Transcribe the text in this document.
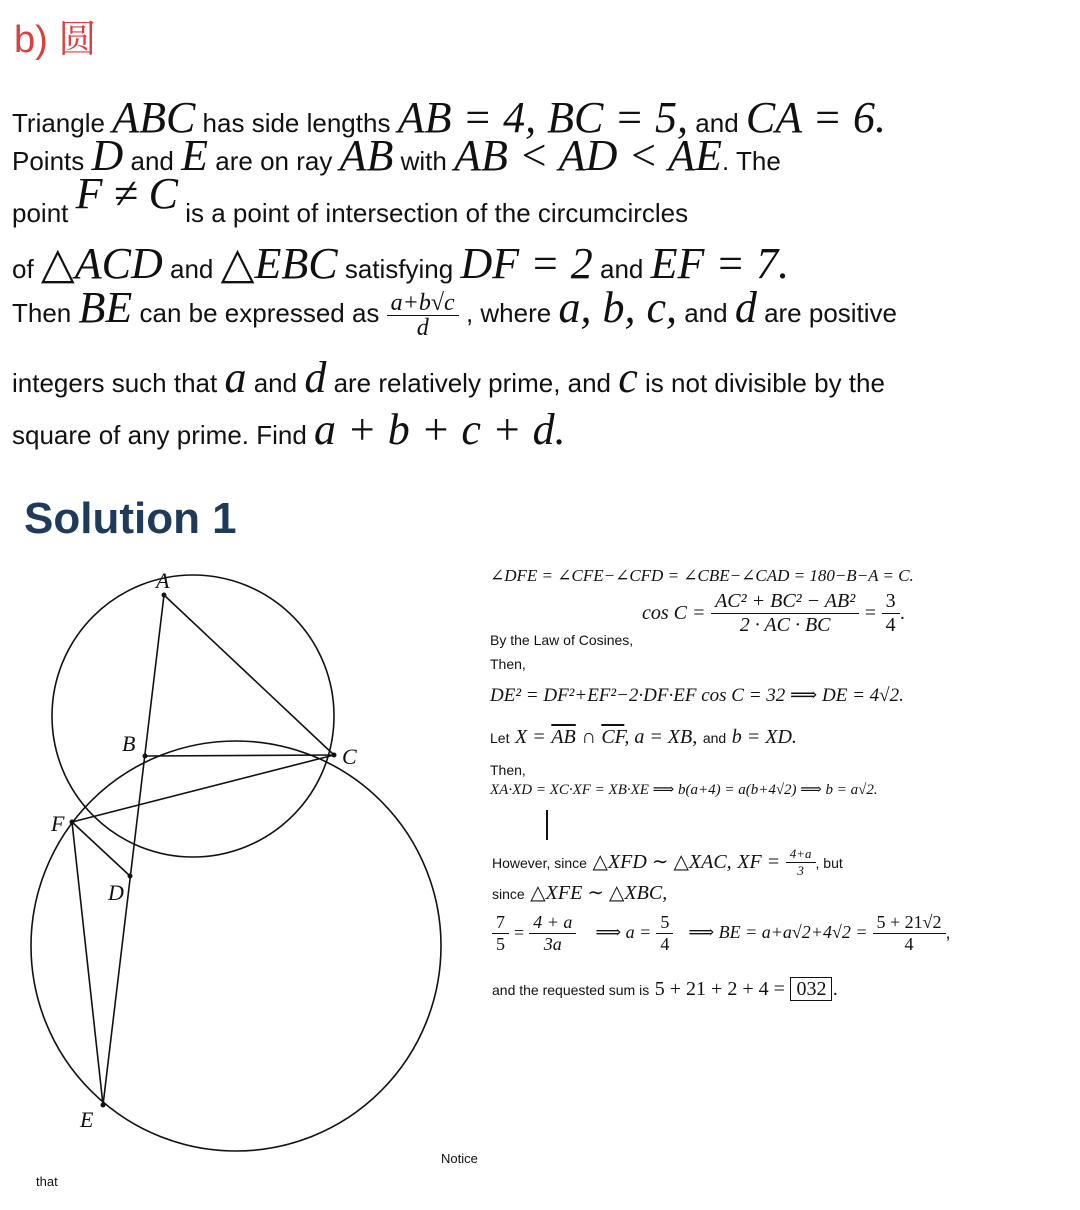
b) 圆
Triangle ABC has side lengths AB = 4, BC = 5, and CA = 6.
Points D and E are on ray AB with AB < AD < AE. The
point F ≠ C is a point of intersection of the circumcircles
of △ACD and △EBC satisfying DF = 2 and EF = 7.
Then BE can be expressed as $\frac{a+b√c}{d}$ , where a, b, c, and d are positive
integers such that a and d are relatively prime, and c is not divisible by the
square of any prime. Find a + b + c + d.
Solution 1
A
B
C
D
E
F
∠DFE = ∠CFE−∠CFD = ∠CBE−∠CAD = 180−B−A = C.
$\cos C = \frac{\text{AC² + BC² − AB²}}{2 \cdot AC \cdot BC} = \frac{3}{4}$ .
By the Law of Cosines,
Then,
DE² = DF²+EF²−2·DF·EF cos C = 32 ⟹ DE = 4√2.
Let $X = \overline{AB}$ ∩ $\overline{CF}$, a = XB, and b = XD.
Then,
XA·XD = XC·XF = XB·XE ⟹ b(a+4) = a(b+4√2) ⟹ b = a√2.
However, since △XFD ∼ △XAC, XF = $\frac{4+a}{3}$ , but
since △XFE ∼ △XBC,
$\frac{7}{5} = \frac{4 + a}{3a}$ ⟹ $a = \frac{5}{4}$ ⟹ BE = $a+a√2+4√2 = \frac{5 + 21√2}{4}$ ,
and the requested sum is 5 + 21 + 2 + 4 = 032 .
Notice
that
